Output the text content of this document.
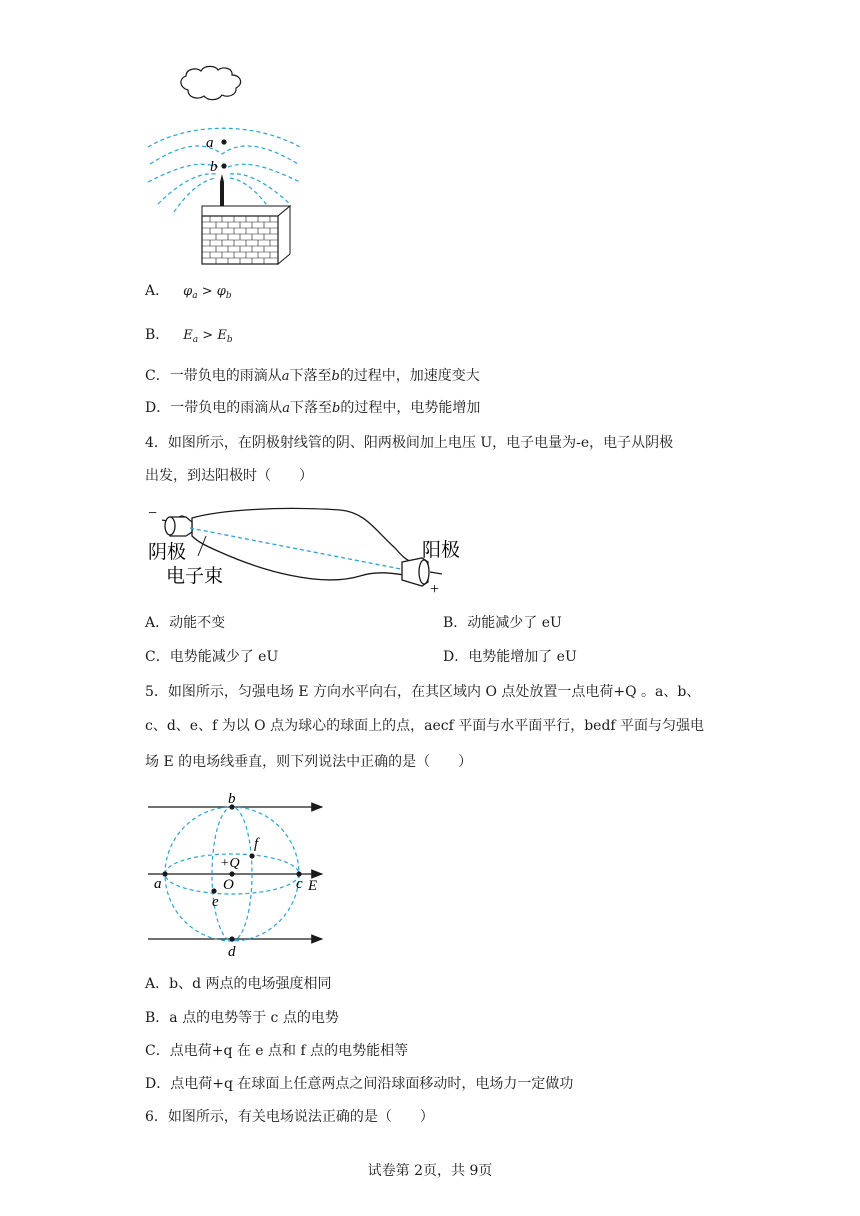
a
b
A． $\varphi_a > \varphi_b$
B． $E_a > E_b$
C．一带负电的雨滴从a下落至b的过程中，加速度变大
D．一带负电的雨滴从a下落至b的过程中，电势能增加
4．如图所示，在阴极射线管的阴、阳两极间加上电压 U，电子电量为-e，电子从阴极
出发，到达阳极时（　　）
−
+
阴极
电子束
阳极
A．动能不变	B．动能减少了 eU
C．电势能减少了 eU	D．电势能增加了 eU
5．如图所示，匀强电场 E 方向水平向右，在其区域内 O 点处放置一点电荷+Q 。a、b、
c、d、e、f 为以 O 点为球心的球面上的点，aecf 平面与水平面平行，bedf 平面与匀强电
场 E 的电场线垂直，则下列说法中正确的是（　　）
b
d
a	c
f
e
O
+Q
E
A．b、d 两点的电场强度相同
B．a 点的电势等于 c 点的电势
C．点电荷+q 在 e 点和 f 点的电势能相等
D．点电荷+q 在球面上任意两点之间沿球面移动时，电场力一定做功
6．如图所示，有关电场说法正确的是（　　）
试卷第 2页，共 9页
